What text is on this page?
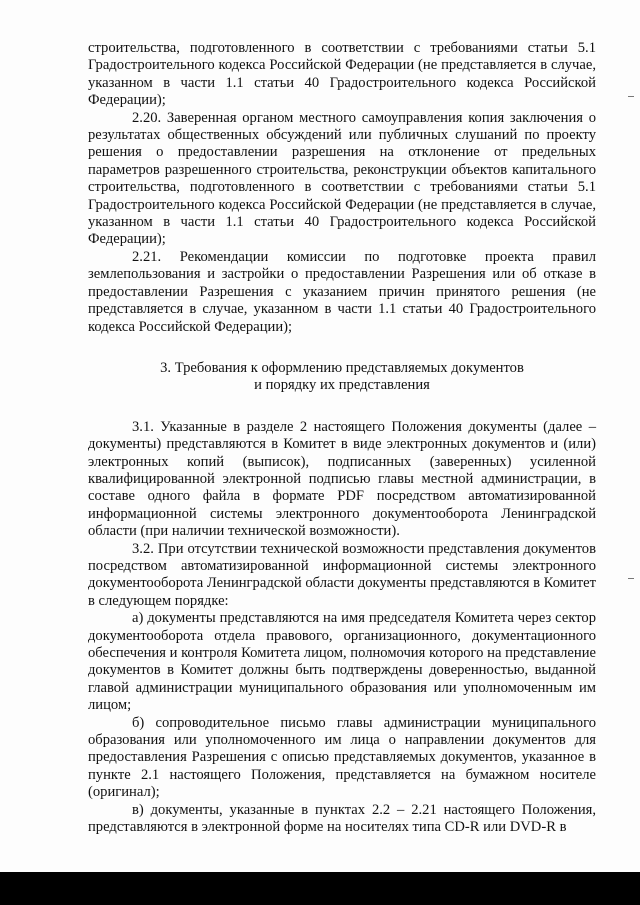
строительства, подготовленного в соответствии с требованиями статьи 5.1 Градостроительного кодекса Российской Федерации (не представляется в случае, указанном в части 1.1 статьи 40 Градостроительного кодекса Российской Федерации);

2.20. Заверенная органом местного самоуправления копия заключения о результатах общественных обсуждений или публичных слушаний по проекту решения о предоставлении разрешения на отклонение от предельных параметров разрешенного строительства, реконструкции объектов капитального строительства, подготовленного в соответствии с требованиями статьи 5.1 Градостроительного кодекса Российской Федерации (не представляется в случае, указанном в части 1.1 статьи 40 Градостроительного кодекса Российской Федерации);

2.21. Рекомендации комиссии по подготовке проекта правил землепользования и застройки о предоставлении Разрешения или об отказе в предоставлении Разрешения с указанием причин принятого решения (не представляется в случае, указанном в части 1.1 статьи 40 Градостроительного кодекса Российской Федерации);

3. Требования к оформлению представляемых документов
и порядку их представления

3.1. Указанные в разделе 2 настоящего Положения документы (далее – документы) представляются в Комитет в виде электронных документов и (или) электронных копий (выписок), подписанных (заверенных) усиленной квалифицированной электронной подписью главы местной администрации, в составе одного файла в формате PDF посредством автоматизированной информационной системы электронного документооборота Ленинградской области (при наличии технической возможности).

3.2. При отсутствии технической возможности представления документов посредством автоматизированной информационной системы электронного документооборота Ленинградской области документы представляются в Комитет в следующем порядке:

а) документы представляются на имя председателя Комитета через сектор документооборота отдела правового, организационного, документационного обеспечения и контроля Комитета лицом, полномочия которого на представление документов в Комитет должны быть подтверждены доверенностью, выданной главой администрации муниципального образования или уполномоченным им лицом;

б) сопроводительное письмо главы администрации муниципального образования или уполномоченного им лица о направлении документов для предоставления Разрешения с описью представляемых документов, указанное в пункте 2.1 настоящего Положения, представляется на бумажном носителе (оригинал);

в) документы, указанные в пунктах 2.2 – 2.21 настоящего Положения, представляются в электронной форме на носителях типа CD-R или DVD-R в
